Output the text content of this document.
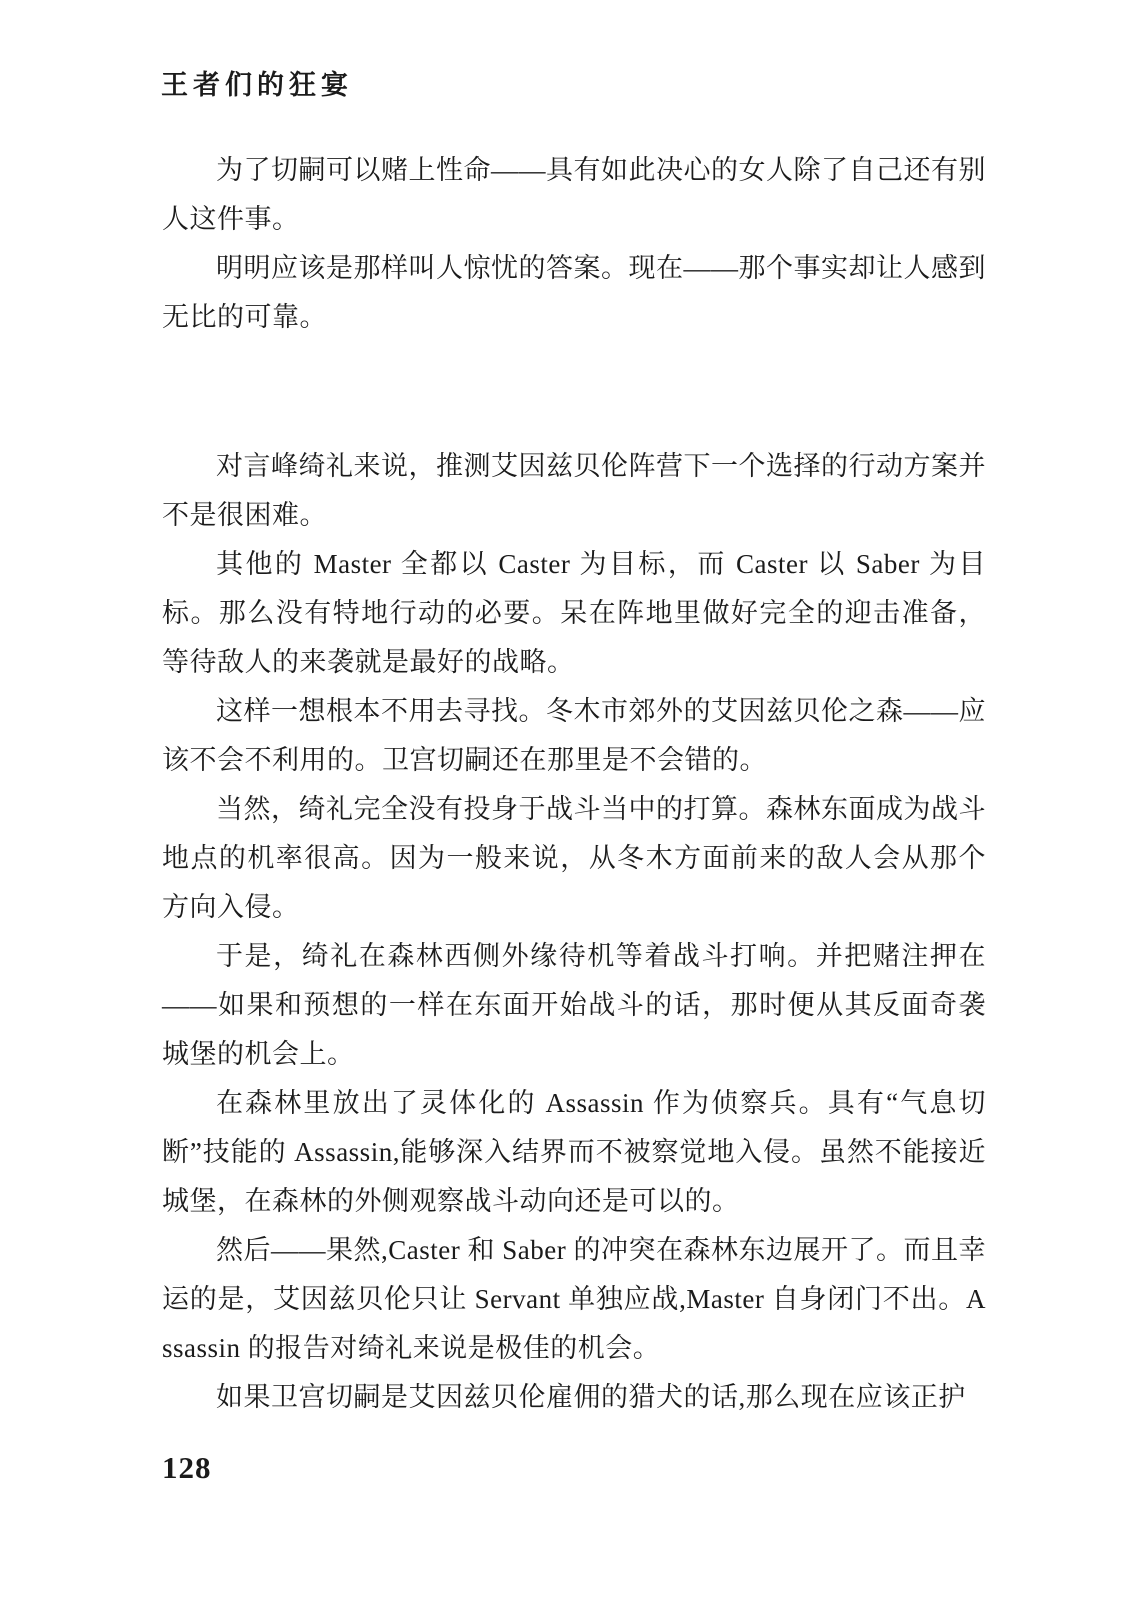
王者们的狂宴

为了切嗣可以赌上性命——具有如此决心的女人除了自己还有别人这件事。

明明应该是那样叫人惊忧的答案。现在——那个事实却让人感到无比的可靠。

对言峰绮礼来说，推测艾因兹贝伦阵营下一个选择的行动方案并不是很困难。

其他的 Master 全都以 Caster 为目标，而 Caster 以 Saber 为目标。那么没有特地行动的必要。呆在阵地里做好完全的迎击准备，等待敌人的来袭就是最好的战略。

这样一想根本不用去寻找。冬木市郊外的艾因兹贝伦之森——应该不会不利用的。卫宫切嗣还在那里是不会错的。

当然，绮礼完全没有投身于战斗当中的打算。森林东面成为战斗地点的机率很高。因为一般来说，从冬木方面前来的敌人会从那个方向入侵。

于是，绮礼在森林西侧外缘待机等着战斗打响。并把赌注押在——如果和预想的一样在东面开始战斗的话，那时便从其反面奇袭城堡的机会上。

在森林里放出了灵体化的 Assassin 作为侦察兵。具有“气息切断”技能的 Assassin,能够深入结界而不被察觉地入侵。虽然不能接近城堡，在森林的外侧观察战斗动向还是可以的。

然后——果然,Caster 和 Saber 的冲突在森林东边展开了。而且幸运的是，艾因兹贝伦只让 Servant 单独应战,Master 自身闭门不出。Assassin 的报告对绮礼来说是极佳的机会。

如果卫宫切嗣是艾因兹贝伦雇佣的猎犬的话,那么现在应该正护

128
